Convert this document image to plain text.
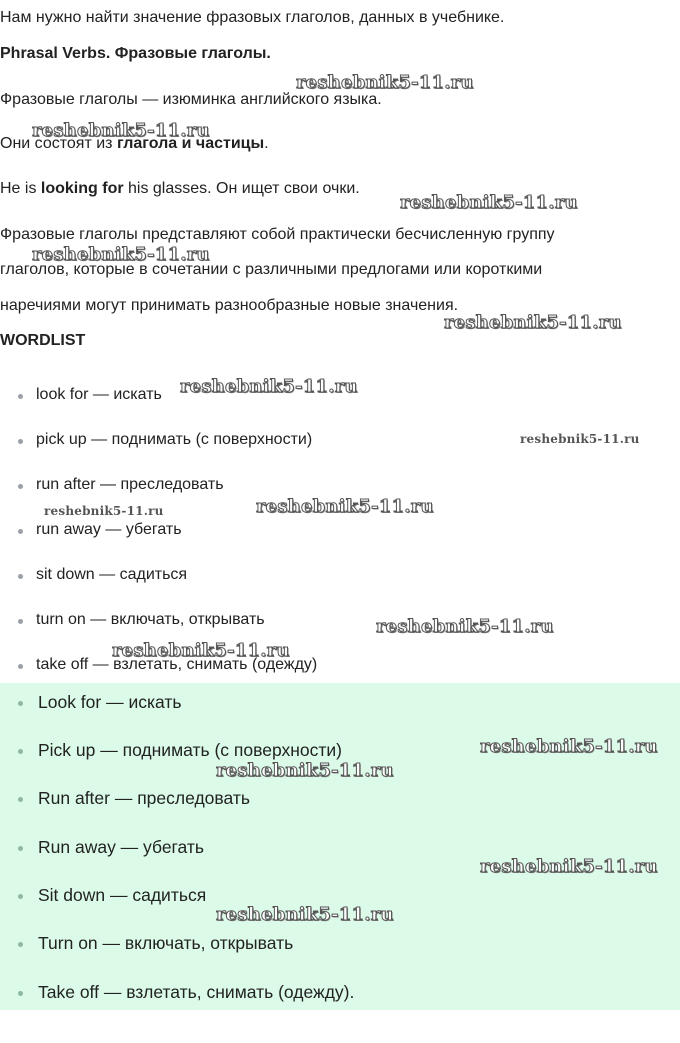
Нам нужно найти значение фразовых глаголов, данных в учебнике.
Phrasal Verbs. Фразовые глаголы.
Фразовые глаголы — изюминка английского языка.
Они состоят из глагола и частицы.
He is looking for his glasses. Он ищет свои очки.
Фразовые глаголы представляют собой практически бесчисленную группу
глаголов, которые в сочетании с различными предлогами или короткими
наречиями могут принимать разнообразные новые значения.
WORDLIST
look for — искать
pick up — поднимать (с поверхности)
run after — преследовать
run away — убегать
sit down — садиться
turn on — включать, открывать
take off — взлетать, снимать (одежду)
Look for — искать
Pick up — поднимать (с поверхности)
Run after — преследовать
Run away — убегать
Sit down — садиться
Turn on — включать, открывать
Take off — взлетать, снимать (одежду).
reshebnik5-11.ru
reshebnik5-11.ru
reshebnik5-11.ru
reshebnik5-11.ru
reshebnik5-11.ru
reshebnik5-11.ru
reshebnik5-11.ru
reshebnik5-11.ru	reshebnik5-11.ru
reshebnik5-11.ru
reshebnik5-11.ru
reshebnik5-11.ru
reshebnik5-11.ru
reshebnik5-11.ru
reshebnik5-11.ru
